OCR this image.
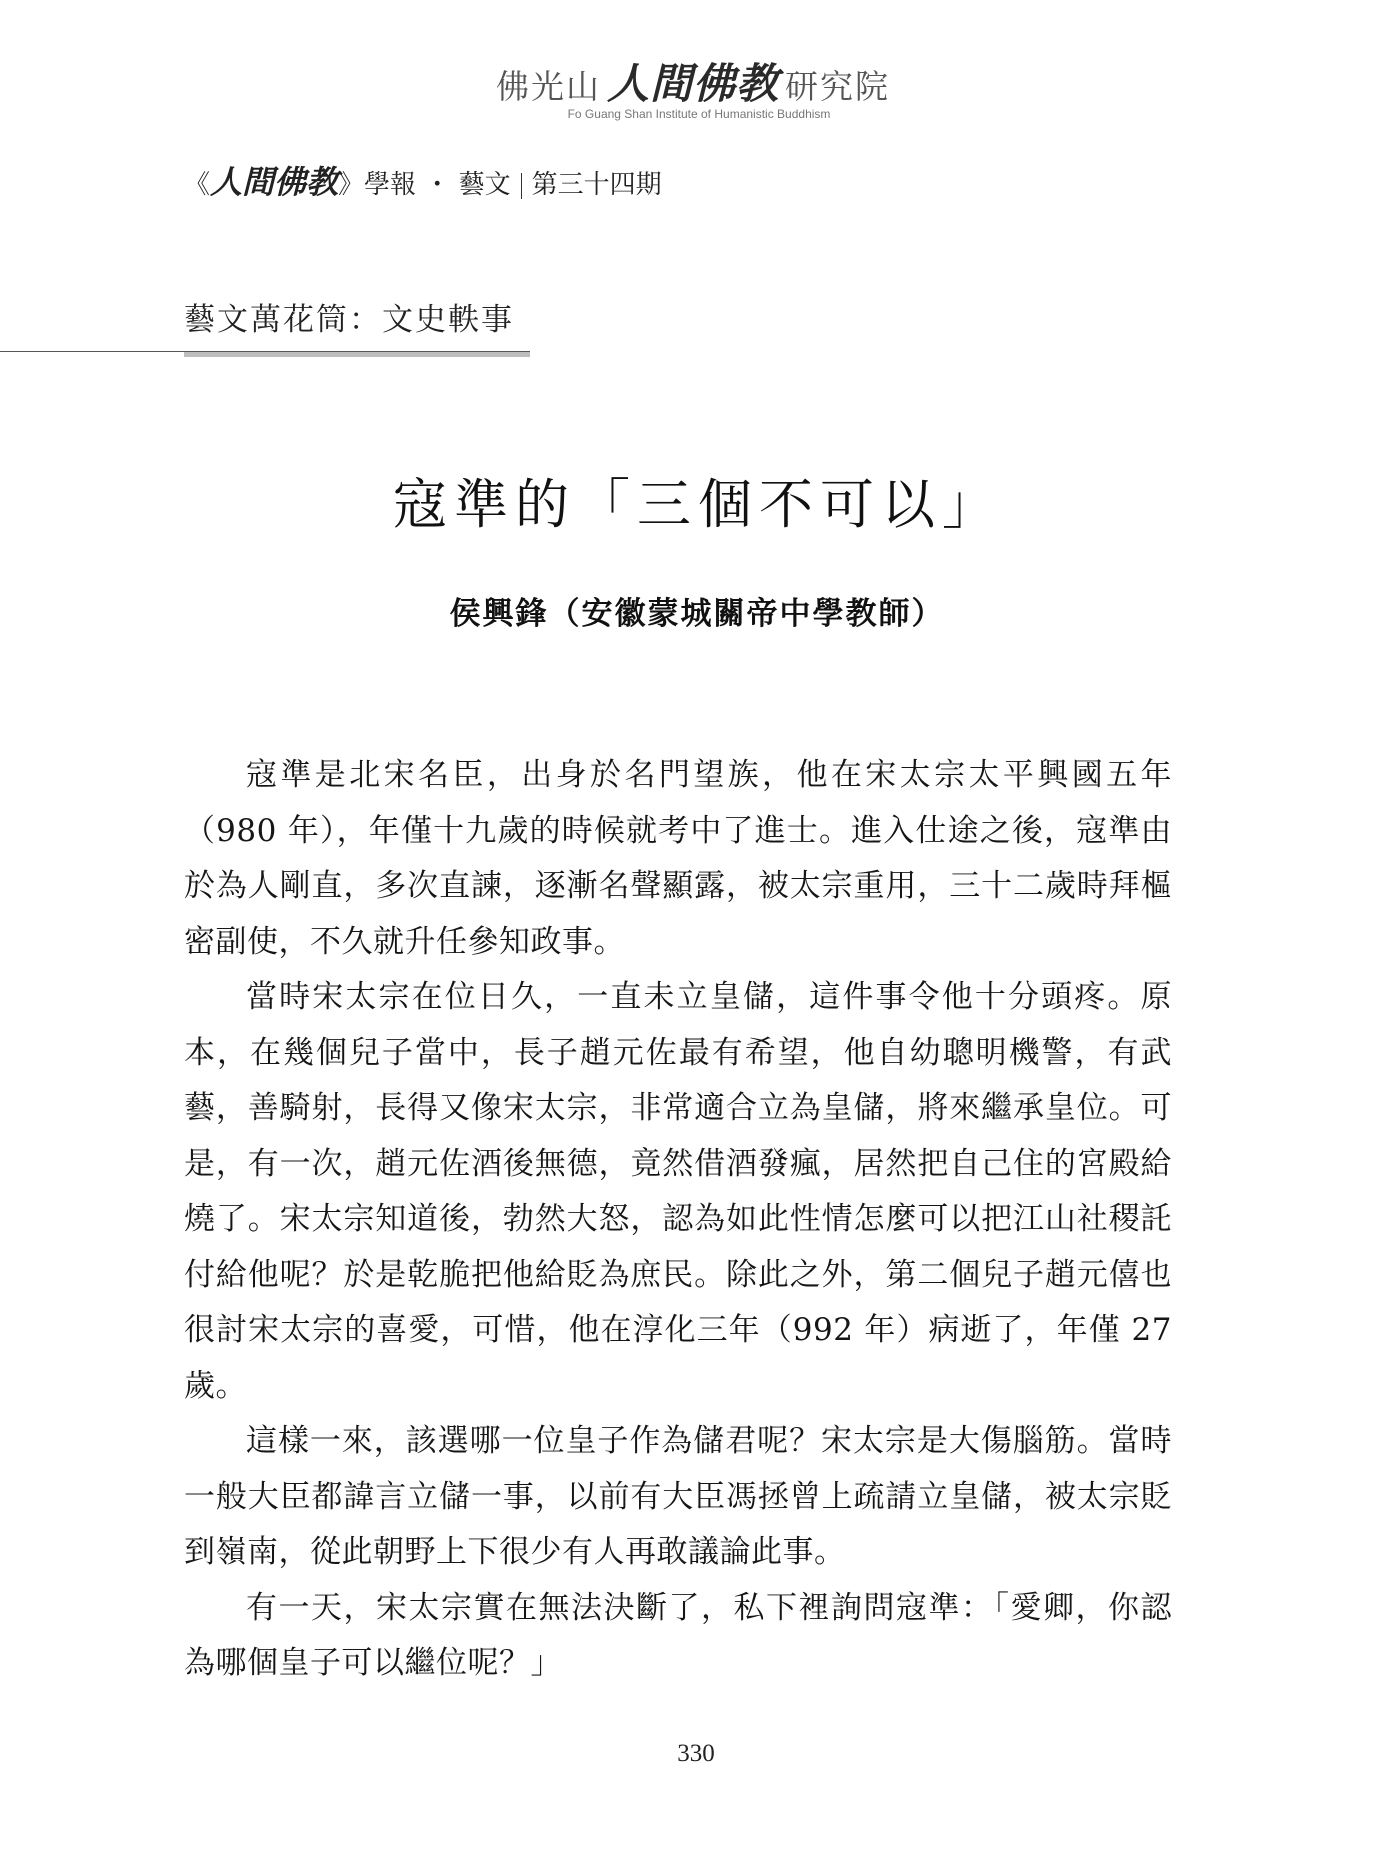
佛光山 人間佛教 研究院
Fo Guang Shan Institute of Humanistic Buddhism
《人間佛教》學報 ・ 藝文 第三十四期
藝文萬花筒：文史軼事
寇準的「三個不可以」
侯興鋒（安徽蒙城關帝中學教師）

寇準是北宋名臣，出身於名門望族，他在宋太宗太平興國五年（980 年），年僅十九歲的時候就考中了進士。進入仕途之後，寇準由於為人剛直，多次直諫，逐漸名聲顯露，被太宗重用，三十二歲時拜樞密副使，不久就升任參知政事。

當時宋太宗在位日久，一直未立皇儲，這件事令他十分頭疼。原本，在幾個兒子當中，長子趙元佐最有希望，他自幼聰明機警，有武藝，善騎射，長得又像宋太宗，非常適合立為皇儲，將來繼承皇位。可是，有一次，趙元佐酒後無德，竟然借酒發瘋，居然把自己住的宮殿給燒了。宋太宗知道後，勃然大怒，認為如此性情怎麼可以把江山社稷託付給他呢？於是乾脆把他給貶為庶民。除此之外，第二個兒子趙元僖也很討宋太宗的喜愛，可惜，他在淳化三年（992 年）病逝了，年僅 27 歲。

這樣一來，該選哪一位皇子作為儲君呢？宋太宗是大傷腦筋。當時一般大臣都諱言立儲一事，以前有大臣馮拯曾上疏請立皇儲，被太宗貶到嶺南，從此朝野上下很少有人再敢議論此事。

有一天，宋太宗實在無法決斷了，私下裡詢問寇準：「愛卿，你認為哪個皇子可以繼位呢？」

330
